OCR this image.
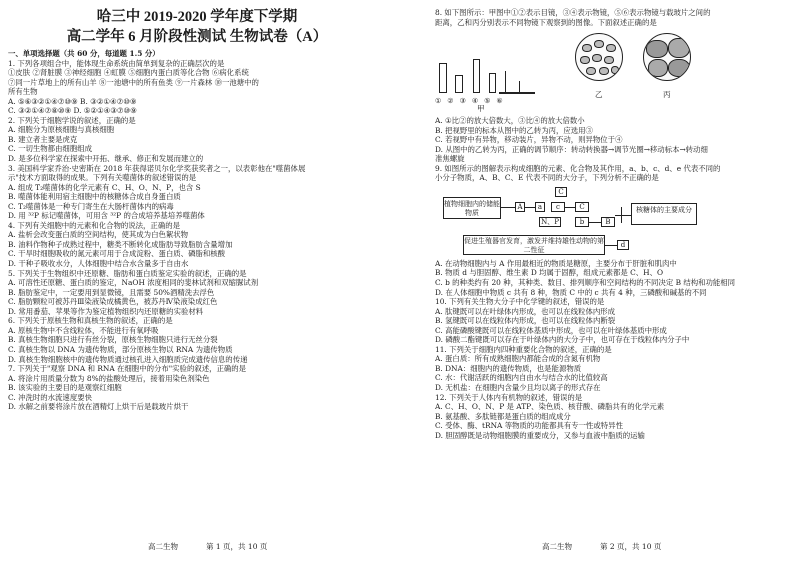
哈三中 2019-2020 学年度下学期
高二学年 6 月阶段性测试 生物试卷（A）
一、单项选择题（共 60 分，每道题 1.5 分）
1. 下列各项组合中，能体现生命系统由简单到复杂的正确层次的是
①皮肤 ②肾脏膜 ③神经细胞 ④虹膜 ⑤细胞内蛋白质等化合物 ⑥病化系统
⑦同一片草地上的所有山羊 ⑧一池塘中的所有鱼类 ⑨一片森林 ⑩一池塘中的
所有生物
A. ⑤⑥③②①④⑦⑩⑨ B. ③②①④⑦⑩⑨
C. ③②①④⑦⑧⑩⑨ D. ⑤②①④③⑦⑩⑨
2. 下列关于细胞学说的叙述，正确的是
A. 细胞分为原核细胞与真核细胞
B. 建立者主要是虎克
C. 一切生物都由细胞组成
D. 是多位科学家在探索中开拓、继承、修正和发展而建立的
3. 美国科学家乔治·史密斯在 2018 年获得诺贝尔化学奖获奖者之一，以表彰他在"噬菌体展
示"技术方面取得的成果。下列有关噬菌体的叙述错误的是
A. 组成 T₂噬菌体的化学元素有 C、H、O、N、P，也含 S
B. 噬菌体能利用宿主细胞中的核糖体合成自身蛋白质
C. T₂噬菌体是一种专门寄生在大肠杆菌体内的病毒
D. 用 ³²P 标记噬菌体，可用含 ³²P 的合成培养基培养噬菌体
4. 下列有关细胞中的元素和化合物的说法，正确的是
A. 盐析会改变蛋白质的空间结构，使其成为白色絮状物
B. 油料作物种子成熟过程中，糖类不断转化成脂肪导致脂肪含量增加
C. 干旱时细胞吸收的氮元素可用于合成淀粉、蛋白质、磷脂和核酸
D. 干种子吸收水分，人体细胞中结合水含量多于自由水
5. 下列关于生物组织中还原糖、脂肪和蛋白质鉴定实验的叙述，正确的是
A. 可溶性还原糖、蛋白质的鉴定，NaOH 浓度相同的斐林试剂和双缩脲试剂
B. 脂肪鉴定中，一定要用到显微镜，且需要 50%酒精洗去浮色
C. 脂肪颗粒可被苏丹Ⅲ染液染成橘黄色，被苏丹Ⅳ染液染成红色
D. 常用番茄、苹果等作为鉴定植物组织内还原糖的实验材料
6. 下列关于原核生物和真核生物的叙述，正确的是
A. 原核生物中不含线粒体，不能进行有氧呼吸
B. 真核生物细胞只进行有丝分裂，原核生物细胞只进行无丝分裂
C. 真核生物以 DNA 为遗传物质，部分原核生物以 RNA 为遗传物质
D. 真核生物细胞核中的遗传物质通过核孔进入细胞质完成遗传信息的传递
7. 下列关于"观察 DNA 和 RNA 在细胞中的分布"实验的叙述，正确的是
A. 将涂片用质量分数为 8%的盐酸处理后，接着用染色剂染色
B. 该实验的主要目的是观察红细胞
C. 冲洗时的水流速度要快
D. 水解之前要将涂片放在酒精灯上烘干后是载玻片烘干
高二生物	第 1 页，共 10 页
8. 如下图所示：甲图中①②表示目镜，③④表示物镜，⑤⑥表示物镜与载玻片之间的
距离，乙和丙分别表示不同物镜下观察到的图像。下面叙述正确的是
①②③④⑤⑥
甲
乙	丙
A. ①比②的放大倍数大，③比④的放大倍数小
B. 把视野里的标本从图中的乙转为丙，应选用③
C. 若视野中有异物，移动装片，异物不动，则异物位于④
D. 从图中的乙转为丙，正确的调节顺序：转动转换器→调节光圈→移动标本→转动细
准焦螺旋
9. 如图所示的图解表示构成细胞的元素、化合物及其作用，a、b、c、d、e 代表不同的
小分子物质，A、B、C、E 代表不同的大分子，下列分析不正确的是
植物细胞内的储能物质
A	a
C
c	C
N、P	b	B
核糖体的主要成分
促进生殖器官发育，激发并维持雄性动物的第二性征
d
A. 在动物细胞内与 A 作用最相近的物质是糖原，主要分布于肝脏和肌肉中
B. 物质 d 与胆固醇、维生素 D 均属于固醇，组成元素都是 C、H、O
C. b 的种类约有 20 种，其种类、数目、排列顺序和空间结构的不同决定 B 结构和功能相同
D. 在人体细胞中物质 c 共有 8 种，物质 C 中的 c 共有 4 种，三磷酸和碱基的不同
10. 下列有关生物大分子中化学键的叙述，错误的是
A. 肽键既可以在叶绿体内形成，也可以在线粒体内形成
B. 氢键既可以在线粒体内形成，也可以在线粒体内断裂
C. 高能磷酸键既可以在线粒体基质中形成，也可以在叶绿体基质中形成
D. 磷酸二酯键既可以存在于叶绿体内的大分子中，也可存在于线粒体内分子中
11. 下列关于细胞内四种重要化合物的叙述，正确的是
A. 蛋白质：所有成熟细胞内都能合成的含氮有机物
B. DNA：细胞内的遗传物质，也是能源物质
C. 水：代谢活跃的细胞内自由水与结合水的比值较高
D. 无机盐：在细胞内含量少且均以离子的形式存在
12. 下列关于人体内有机物的叙述，错误的是
A. C、H、O、N、P 是 ATP、染色质、核苷酸、磷脂共有的化学元素
B. 氨基酸、多肽链都是蛋白质的组成成分
C. 受体、酶、tRNA 等物质的功能都具有专一性或特异性
D. 胆固醇既是动物细胞膜的重要成分，又参与血液中脂质的运输
高二生物	第 2 页，共 10 页
